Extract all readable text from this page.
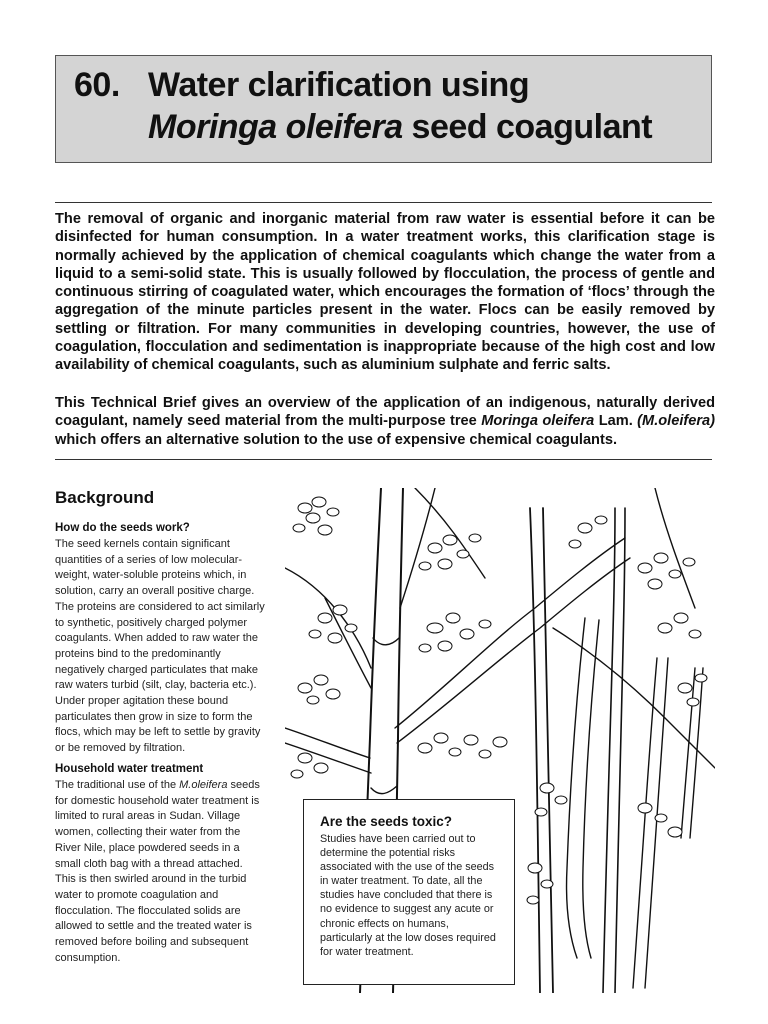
60. Water clarification using
Moringa oleifera seed coagulant

The removal of organic and inorganic material from raw water is essential before it can be disinfected for human consumption. In a water treatment works, this clarification stage is normally achieved by the application of chemical coagulants which change the water from a liquid to a semi-solid state. This is usually followed by flocculation, the process of gentle and continuous stirring of coagulated water, which encourages the formation of ‘flocs’ through the aggregation of the minute particles present in the water. Flocs can be easily removed by settling or filtration. For many communities in developing countries, however, the use of coagulation, flocculation and sedimentation is inappropriate because of the high cost and low availability of chemical coagulants, such as aluminium sulphate and ferric salts.

This Technical Brief gives an overview of the application of an indigenous, naturally derived coagulant, namely seed material from the multi-purpose tree Moringa oleifera Lam. (M.oleifera) which offers an alternative solution to the use of expensive chemical coagulants.

Background
How do the seeds work?
The seed kernels contain significant quantities of a series of low molecular-weight, water-soluble proteins which, in solution, carry an overall positive charge. The proteins are considered to act similarly to synthetic, positively charged polymer coagulants. When added to raw water the proteins bind to the predominantly negatively charged particulates that make raw waters turbid (silt, clay, bacteria etc.). Under proper agitation these bound particulates then grow in size to form the flocs, which may be left to settle by gravity or be removed by filtration.
Household water treatment
The traditional use of the M.oleifera seeds for domestic household water treatment is limited to rural areas in Sudan. Village women, collecting their water from the River Nile, place powdered seeds in a small cloth bag with a thread attached. This is then swirled around in the turbid water to promote coagulation and flocculation. The flocculated solids are allowed to settle and the treated water is removed before boiling and subsequent consumption.
Are the seeds toxic?
Studies have been carried out to determine the potential risks associated with the use of the seeds in water treatment. To date, all the studies have concluded that there is no evidence to suggest any acute or chronic effects on humans, particularly at the low doses required for water treatment.
